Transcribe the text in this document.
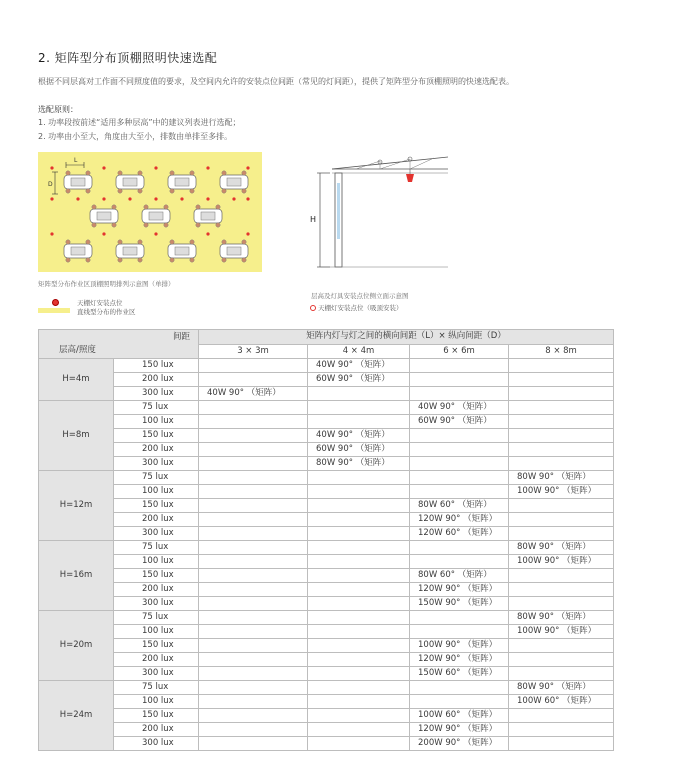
2. 矩阵型分布顶棚照明快速选配
根据不同层高对工作面不同照度值的要求，及空间内允许的安装点位间距（常见的灯间距），提供了矩阵型分布顶棚照明的快速选配表。
选配原则：
1. 功率段按前述“适用多种层高”中的建议列表进行选配；
2. 功率由小至大，角度由大至小，排数由单排至多排。
L
D
矩阵型分布作业区顶棚照明排列示意图（单排）
天棚灯安装点位
直线型分布的作业区
H
层高及灯具安装点位侧立面示意图
天棚灯安装点位（吸顶安装）
间距
层高/照度		矩阵内灯与灯之间的横向间距（L）× 纵向间距（D）			
		3 × 3m	4 × 4m	6 × 6m	8 × 8m
H=4m	150 lux		40W 90° （矩阵）		
	200 lux		60W 90° （矩阵）		
	300 lux	40W 90° （矩阵）			
H=8m	75 lux			40W 90° （矩阵）	
	100 lux			60W 90° （矩阵）	
	150 lux		40W 90° （矩阵）		
	200 lux		60W 90° （矩阵）		
	300 lux		80W 90° （矩阵）		
H=12m	75 lux				80W 90° （矩阵）
	100 lux				100W 90° （矩阵）
	150 lux			80W 60° （矩阵）	
	200 lux			120W 90° （矩阵）	
	300 lux			120W 60° （矩阵）	
H=16m	75 lux				80W 90° （矩阵）
	100 lux				100W 90° （矩阵）
	150 lux			80W 60° （矩阵）	
	200 lux			120W 90° （矩阵）	
	300 lux			150W 90° （矩阵）	
H=20m	75 lux				80W 90° （矩阵）
	100 lux				100W 90° （矩阵）
	150 lux			100W 90° （矩阵）	
	200 lux			120W 90° （矩阵）	
	300 lux			150W 60° （矩阵）	
H=24m	75 lux				80W 90° （矩阵）
	100 lux				100W 60° （矩阵）
	150 lux			100W 60° （矩阵）	
	200 lux			120W 90° （矩阵）	
	300 lux			200W 90° （矩阵）	
